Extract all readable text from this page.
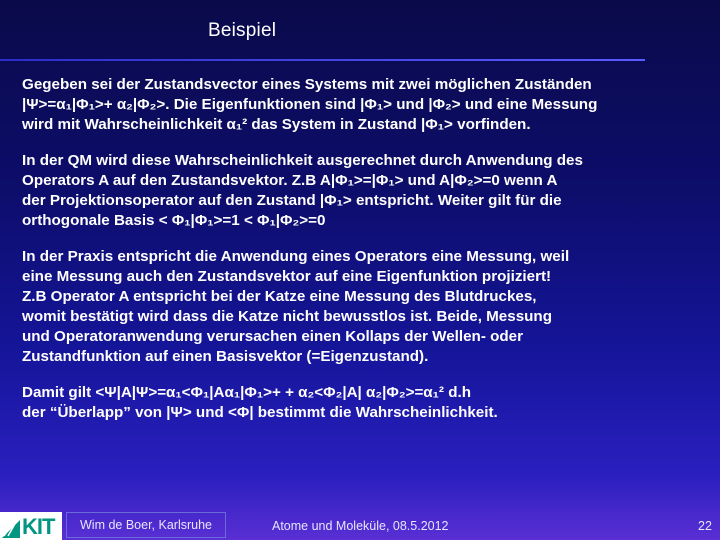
Beispiel
Gegeben sei der Zustandsvector eines Systems mit zwei möglichen Zuständen
|Ψ>=α₁|Φ₁>+ α₂|Φ₂>. Die Eigenfunktionen sind |Φ₁> und |Φ₂> und eine Messung
wird mit Wahrscheinlichkeit α₁² das System in Zustand |Φ₁> vorfinden.
In der QM wird diese Wahrscheinlichkeit ausgerechnet durch Anwendung des
Operators A auf den Zustandsvektor. Z.B A|Φ₁>=|Φ₁> und A|Φ₂>=0 wenn A
der Projektionsoperator auf den Zustand |Φ₁> entspricht. Weiter gilt für die
orthogonale Basis < Φ₁|Φ₁>=1 < Φ₁|Φ₂>=0
In der Praxis entspricht die Anwendung eines Operators eine Messung, weil
eine Messung auch den Zustandsvektor auf eine Eigenfunktion projiziert!
Z.B Operator A entspricht bei der Katze eine Messung des Blutdruckes,
womit bestätigt wird dass die Katze nicht bewusstlos ist. Beide, Messung
und Operatoranwendung verursachen einen Kollaps der Wellen- oder
Zustandfunktion auf einen Basisvektor (=Eigenzustand).
Damit gilt <Ψ|A|Ψ>=α₁<Φ₁|Aα₁|Φ₁>+ + α₂<Φ₂|A| α₂|Φ₂>=α₁² d.h
der “Überlapp” von |Ψ> und <Φ| bestimmt die Wahrscheinlichkeit.
KIT	Wim de Boer, Karlsruhe	Atome und Moleküle, 08.5.2012	22
